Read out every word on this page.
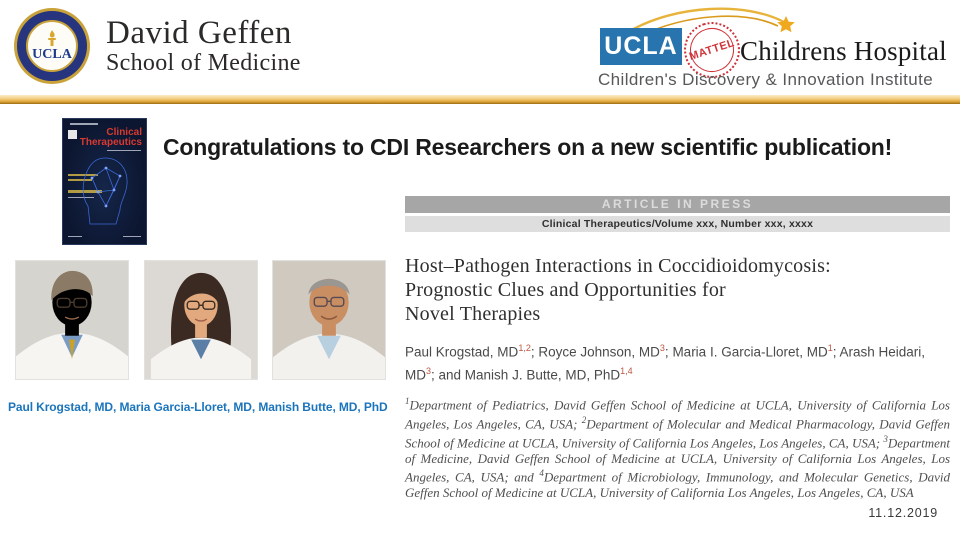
UCLA
David Geffen
School of Medicine
UCLA MATTEL Childrens Hospital
Children's Discovery & Innovation Institute
Clinical
Therapeutics Congratulations to CDI Researchers on a new scientific publication!
Paul Krogstad, MD, Maria Garcia-Lloret, MD, Manish Butte, MD, PhD
ARTICLE IN PRESS
Clinical Therapeutics/Volume xxx, Number xxx, xxxx
Host–Pathogen Interactions in Coccidioidomycosis:
Prognostic Clues and Opportunities for
Novel Therapies
Paul Krogstad, MD$^{1,2}$; Royce Johnson, $MD^3$; Maria I. Garcia-Lloret, $MD^1$; Arash Heidari, $MD^3$; and Manish J. Butte, MD, PhD$^{1,4}$
$^1$Department of Pediatrics, David Geffen School of Medicine at UCLA, University of California Los Angeles, Los Angeles, CA, USA; $^2$Department of Molecular and Medical Pharmacology, David Geffen School of Medicine at UCLA, University of California Los Angeles, Los Angeles, CA, USA; $^3$Department of Medicine, David Geffen School of Medicine at UCLA, University of California Los Angeles, Los Angeles, CA, USA; and $^4$Department of Microbiology, Immunology, and Molecular Genetics, David Geffen School of Medicine at UCLA, University of California Los Angeles, Los Angeles, CA, USA
11.12.2019
